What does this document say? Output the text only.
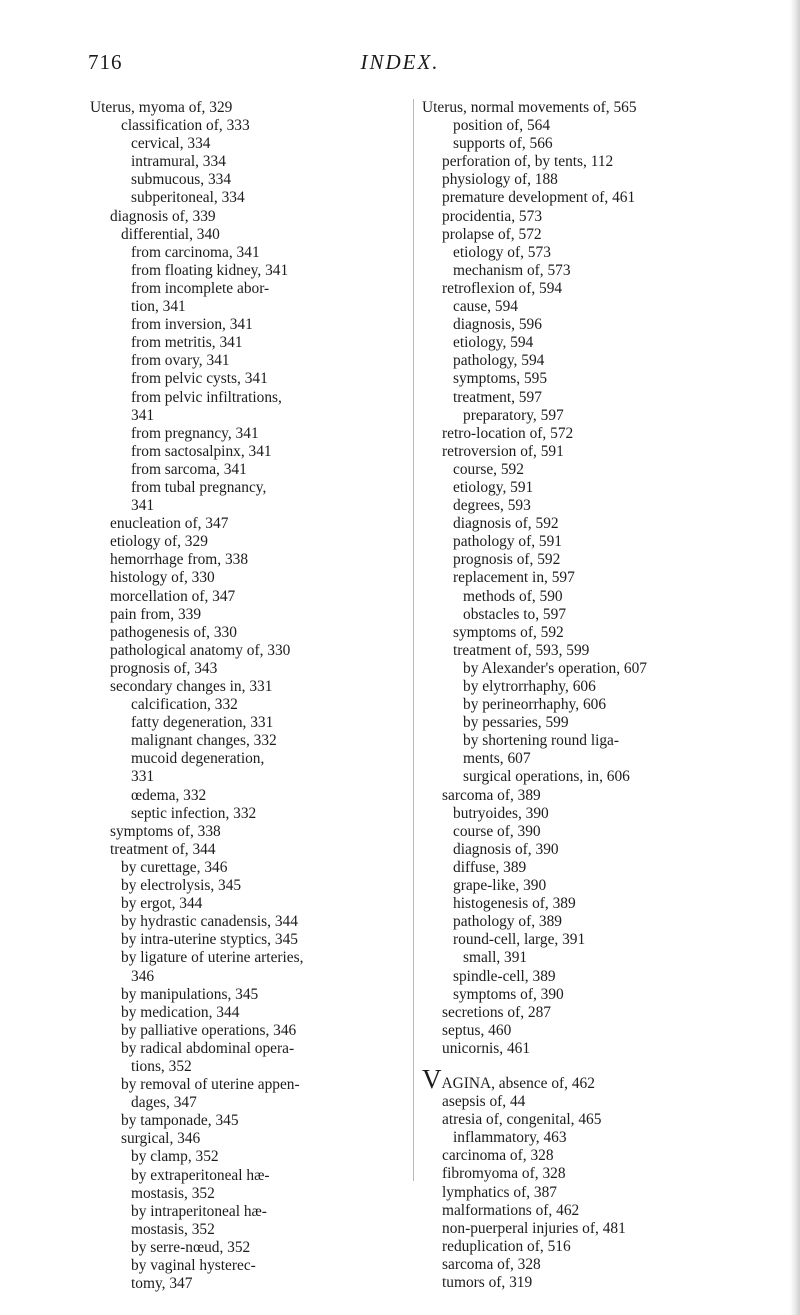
716	INDEX.
Uterus, myoma of, 329
classification of, 333
cervical, 334
intramural, 334
submucous, 334
subperitoneal, 334
diagnosis of, 339
differential, 340
from carcinoma, 341
from floating kidney, 341
from incomplete abor-
tion, 341
from inversion, 341
from metritis, 341
from ovary, 341
from pelvic cysts, 341
from pelvic infiltrations,
341
from pregnancy, 341
from sactosalpinx, 341
from sarcoma, 341
from tubal pregnancy,
341
enucleation of, 347
etiology of, 329
hemorrhage from, 338
histology of, 330
morcellation of, 347
pain from, 339
pathogenesis of, 330
pathological anatomy of, 330
prognosis of, 343
secondary changes in, 331
calcification, 332
fatty degeneration, 331
malignant changes, 332
mucoid degeneration,
331
œdema, 332
septic infection, 332
symptoms of, 338
treatment of, 344
by curettage, 346
by electrolysis, 345
by ergot, 344
by hydrastic canadensis, 344
by intra-uterine styptics, 345
by ligature of uterine arteries,
346
by manipulations, 345
by medication, 344
by palliative operations, 346
by radical abdominal opera-
tions, 352
by removal of uterine appen-
dages, 347
by tamponade, 345
surgical, 346
by clamp, 352
by extraperitoneal hæ-
mostasis, 352
by intraperitoneal hæ-
mostasis, 352
by serre-nœud, 352
by vaginal hysterec-
tomy, 347
Uterus, normal movements of, 565
position of, 564
supports of, 566
perforation of, by tents, 112
physiology of, 188
premature development of, 461
procidentia, 573
prolapse of, 572
etiology of, 573
mechanism of, 573
retroflexion of, 594
cause, 594
diagnosis, 596
etiology, 594
pathology, 594
symptoms, 595
treatment, 597
preparatory, 597
retro-location of, 572
retroversion of, 591
course, 592
etiology, 591
degrees, 593
diagnosis of, 592
pathology of, 591
prognosis of, 592
replacement in, 597
methods of, 590
obstacles to, 597
symptoms of, 592
treatment of, 593, 599
by Alexander's operation, 607
by elytrorrhaphy, 606
by perineorrhaphy, 606
by pessaries, 599
by shortening round liga-
ments, 607
surgical operations, in, 606
sarcoma of, 389
butryoides, 390
course of, 390
diagnosis of, 390
diffuse, 389
grape-like, 390
histogenesis of, 389
pathology of, 389
round-cell, large, 391
small, 391
spindle-cell, 389
symptoms of, 390
secretions of, 287
septus, 460
unicornis, 461
VAGINA, absence of, 462
asepsis of, 44
atresia of, congenital, 465
inflammatory, 463
carcinoma of, 328
fibromyoma of, 328
lymphatics of, 387
malformations of, 462
non-puerperal injuries of, 481
reduplication of, 516
sarcoma of, 328
tumors of, 319
